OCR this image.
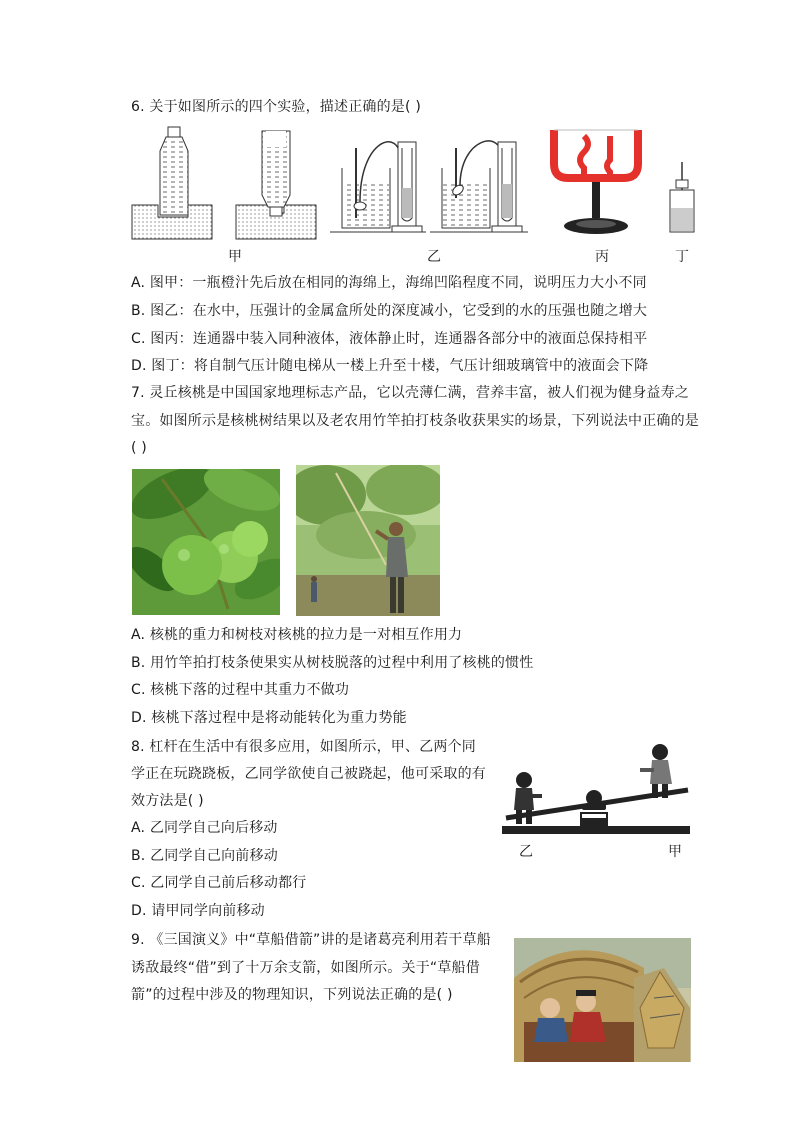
6. 关于如图所示的四个实验，描述正确的是( )
甲	乙	丙	丁
A. 图甲：一瓶橙汁先后放在相同的海绵上，海绵凹陷程度不同，说明压力大小不同
B. 图乙：在水中，压强计的金属盒所处的深度减小，它受到的水的压强也随之增大
C. 图丙：连通器中装入同种液体，液体静止时，连通器各部分中的液面总保持相平
D. 图丁：将自制气压计随电梯从一楼上升至十楼，气压计细玻璃管中的液面会下降
7. 灵丘核桃是中国国家地理标志产品，它以壳薄仁满，营养丰富，被人们视为健身益寿之
宝。如图所示是核桃树结果以及老农用竹竿拍打枝条收获果实的场景，下列说法中正确的是
( )
A. 核桃的重力和树枝对核桃的拉力是一对相互作用力
B. 用竹竿拍打枝条使果实从树枝脱落的过程中利用了核桃的惯性
C. 核桃下落的过程中其重力不做功
D. 核桃下落过程中是将动能转化为重力势能
8. 杠杆在生活中有很多应用，如图所示，甲、乙两个同
学正在玩跷跷板，乙同学欲使自己被跷起，他可采取的有
效方法是( )
乙	甲
A. 乙同学自己向后移动
B. 乙同学自己向前移动
C. 乙同学自己前后移动都行
D. 请甲同学向前移动
9. 《三国演义》中“草船借箭”讲的是诸葛亮利用若干草船
诱敌最终“借”到了十万余支箭，如图所示。关于“草船借
箭”的过程中涉及的物理知识，下列说法正确的是( )
